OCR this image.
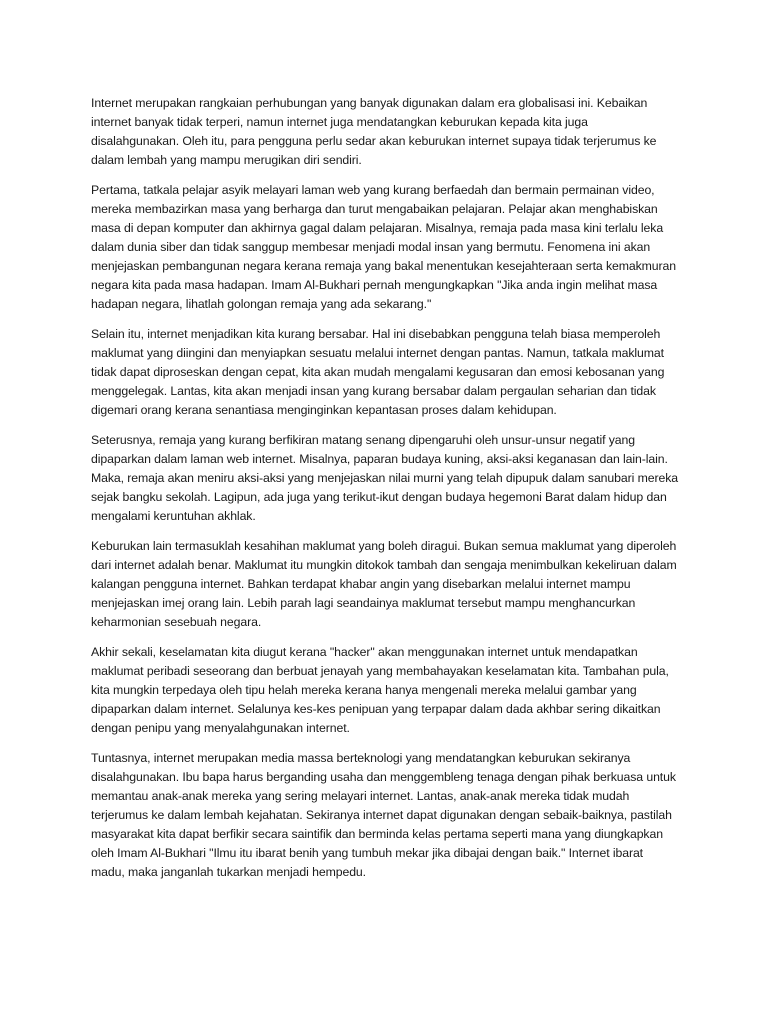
Internet merupakan rangkaian perhubungan yang banyak digunakan dalam era globalisasi ini. Kebaikan internet banyak tidak terperi, namun internet juga mendatangkan keburukan kepada kita juga disalahgunakan. Oleh itu, para pengguna perlu sedar akan keburukan internet supaya tidak terjerumus ke dalam lembah yang mampu merugikan diri sendiri.

Pertama, tatkala pelajar asyik melayari laman web yang kurang berfaedah dan bermain permainan video, mereka membazirkan masa yang berharga dan turut mengabaikan pelajaran. Pelajar akan menghabiskan masa di depan komputer dan akhirnya gagal dalam pelajaran. Misalnya, remaja pada masa kini terlalu leka dalam dunia siber dan tidak sanggup membesar menjadi modal insan yang bermutu. Fenomena ini akan menjejaskan pembangunan negara kerana remaja yang bakal menentukan kesejahteraan serta kemakmuran negara kita pada masa hadapan. Imam Al-Bukhari pernah mengungkapkan "Jika anda ingin melihat masa hadapan negara, lihatlah golongan remaja yang ada sekarang."

Selain itu, internet menjadikan kita kurang bersabar. Hal ini disebabkan pengguna telah biasa memperoleh maklumat yang diingini dan menyiapkan sesuatu melalui internet dengan pantas. Namun, tatkala maklumat tidak dapat diproseskan dengan cepat, kita akan mudah mengalami kegusaran dan emosi kebosanan yang menggelegak. Lantas, kita akan menjadi insan yang kurang bersabar dalam pergaulan seharian dan tidak digemari orang kerana senantiasa menginginkan kepantasan proses dalam kehidupan.

Seterusnya, remaja yang kurang berfikiran matang senang dipengaruhi oleh unsur-unsur negatif yang dipaparkan dalam laman web internet. Misalnya, paparan budaya kuning, aksi-aksi keganasan dan lain-lain. Maka, remaja akan meniru aksi-aksi yang menjejaskan nilai murni yang telah dipupuk dalam sanubari mereka sejak bangku sekolah. Lagipun, ada juga yang terikut-ikut dengan budaya hegemoni Barat dalam hidup dan mengalami keruntuhan akhlak.

Keburukan lain termasuklah kesahihan maklumat yang boleh diragui. Bukan semua maklumat yang diperoleh dari internet adalah benar. Maklumat itu mungkin ditokok tambah dan sengaja menimbulkan kekeliruan dalam kalangan pengguna internet. Bahkan terdapat khabar angin yang disebarkan melalui internet mampu menjejaskan imej orang lain. Lebih parah lagi seandainya maklumat tersebut mampu menghancurkan keharmonian sesebuah negara.

Akhir sekali, keselamatan kita diugut kerana "hacker" akan menggunakan internet untuk mendapatkan maklumat peribadi seseorang dan berbuat jenayah yang membahayakan keselamatan kita. Tambahan pula, kita mungkin terpedaya oleh tipu helah mereka kerana hanya mengenali mereka melalui gambar yang dipaparkan dalam internet. Selalunya kes-kes penipuan yang terpapar dalam dada akhbar sering dikaitkan dengan penipu yang menyalahgunakan internet.

Tuntasnya, internet merupakan media massa berteknologi yang mendatangkan keburukan sekiranya disalahgunakan. Ibu bapa harus berganding usaha dan menggembleng tenaga dengan pihak berkuasa untuk memantau anak-anak mereka yang sering melayari internet. Lantas, anak-anak mereka tidak mudah terjerumus ke dalam lembah kejahatan. Sekiranya internet dapat digunakan dengan sebaik-baiknya, pastilah masyarakat kita dapat berfikir secara saintifik dan berminda kelas pertama seperti mana yang diungkapkan oleh Imam Al-Bukhari "Ilmu itu ibarat benih yang tumbuh mekar jika dibajai dengan baik." Internet ibarat madu, maka janganlah tukarkan menjadi hempedu.
